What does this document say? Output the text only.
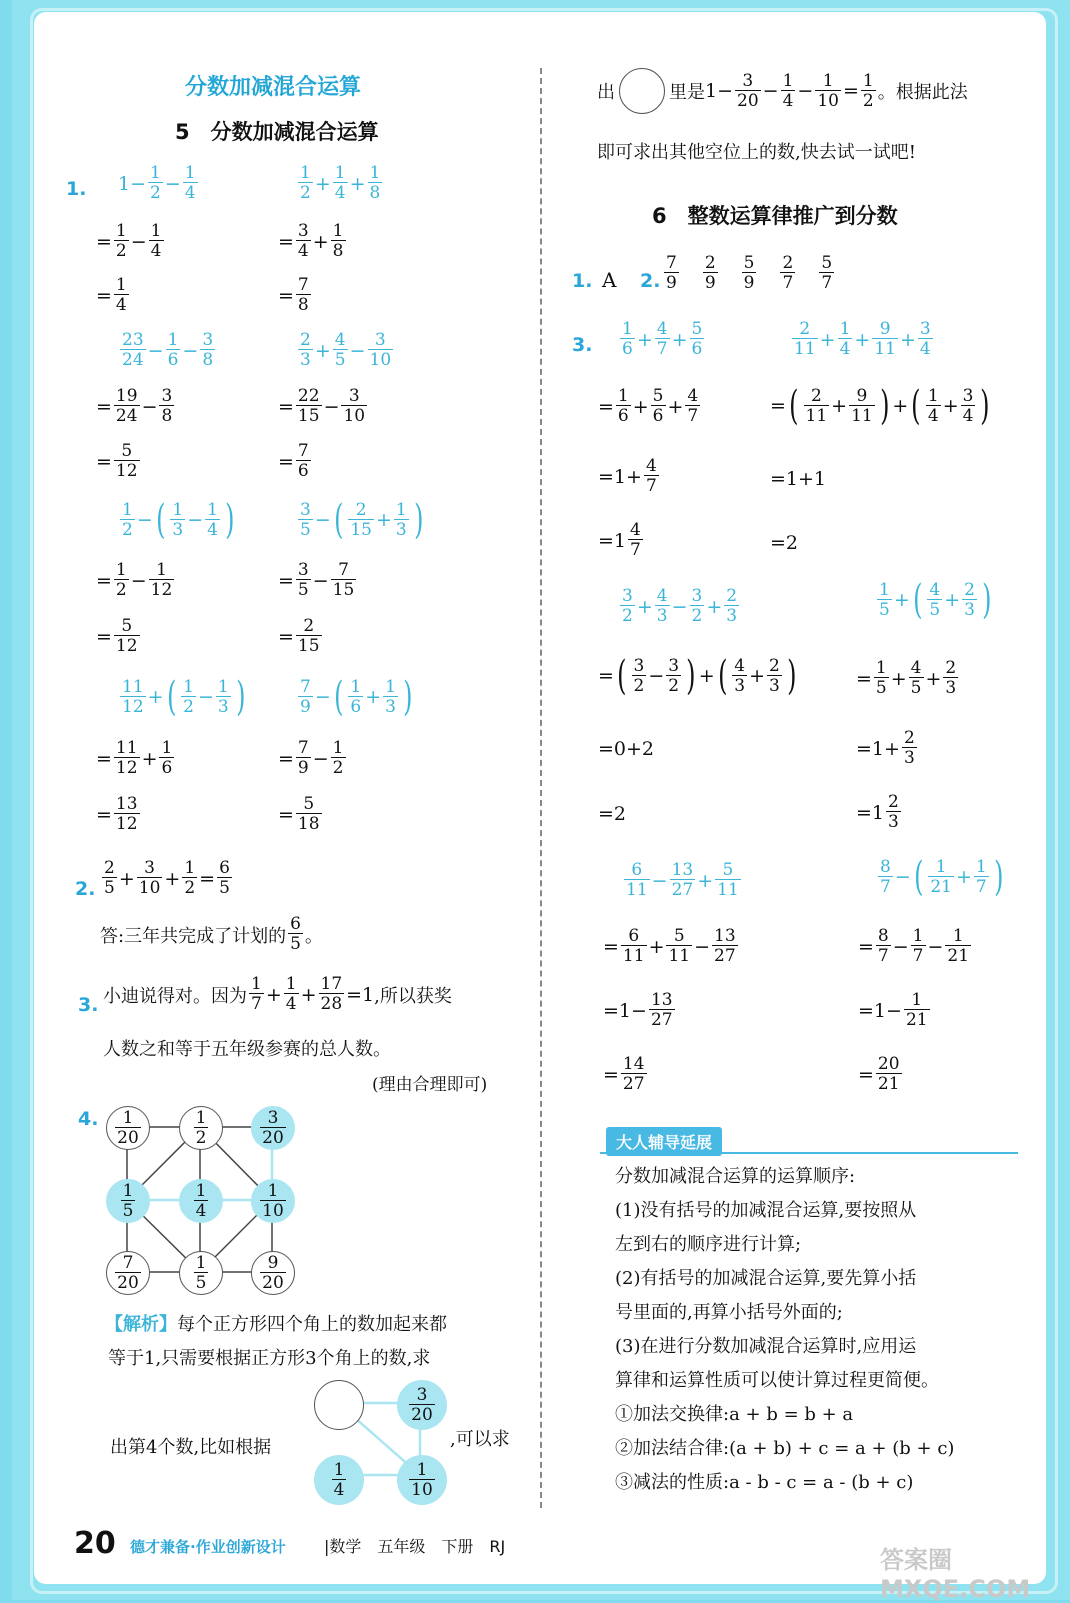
分数加减混合运算
5　分数加减混合运算
1. $1- \frac{1}{2} - \frac{1}{4}$
= $\frac{1}{2} - \frac{1}{4}$
= $\frac{1}{4}$
$\frac{23}{24} - \frac{1}{6} - \frac{3}{8}$
= $\frac{19}{24} - \frac{3}{8}$
= $\frac{5}{12}$
$\frac{1}{2}$ − ( $\frac{1}{3} - \frac{1}{4}$ )
= $\frac{1}{2} - \frac{1}{12}$
= $\frac{5}{12}$
$\frac{11}{12}$ + ( $\frac{1}{2} - \frac{1}{3}$ )
= $\frac{11}{12} + \frac{1}{6}$
= $\frac{13}{12}$
$\frac{1}{2} + \frac{1}{4} + \frac{1}{8}$
= $\frac{3}{4} + \frac{1}{8}$
= $\frac{7}{8}$
$\frac{2}{3} + \frac{4}{5} - \frac{3}{10}$
= $\frac{22}{15} - \frac{3}{10}$
= $\frac{7}{6}$
$\frac{3}{5}$ − ( $\frac{2}{15} + \frac{1}{3}$ )
= $\frac{3}{5} - \frac{7}{15}$
= $\frac{2}{15}$
$\frac{7}{9}$ − ( $\frac{1}{6} + \frac{1}{3}$ )
= $\frac{7}{9} - \frac{1}{2}$
= $\frac{5}{18}$
2. $\frac{2}{5} + \frac{3}{10} + \frac{1}{2} = \frac{6}{5}$
答:三年共完成了计划的 $\frac{6}{5}$ 。
3. 小迪说得对。因为 $\frac{1}{7} + \frac{1}{4} + \frac{17}{28} =1$ ,所以获奖
人数之和等于五年级参赛的总人数。
(理由合理即可)
4. $\frac{1}{20}$	$\frac{1}{2}$	$\frac{3}{20}$
$\frac{1}{5}$	$\frac{1}{4}$	$\frac{1}{10}$
$\frac{7}{20}$	$\frac{1}{5}$	$\frac{9}{20}$
【解析】每个正方形四个角上的数加起来都
等于1,只需要根据正方形3个角上的数,求
$\frac{3}{20}$
$\frac{1}{4}$	$\frac{1}{10}$
出第4个数,比如根据	,可以求
出	里是 $1- \frac{3}{20} - \frac{1}{4} - \frac{1}{10} = \frac{1}{2}$ 。根据此法
即可求出其他空位上的数,快去试一试吧!
6　整数运算律推广到分数
1. A 2. $\frac{7}{9} \frac{2}{9} \frac{5}{9} \frac{2}{7} \frac{5}{7}$
3. $\frac{1}{6} + \frac{4}{7} + \frac{5}{6}$
= $\frac{1}{6} + \frac{5}{6} + \frac{4}{7}$
$=1+ \frac{4}{7}$
$=1 \frac{4}{7}$
$\frac{2}{11} + \frac{1}{4} + \frac{9}{11} + \frac{3}{4}$
= ( $\frac{2}{11} + \frac{9}{11}$ ) + ( $\frac{1}{4} + \frac{3}{4}$ )
=1+1
=2
$\frac{3}{2} + \frac{4}{3} - \frac{3}{2} + \frac{2}{3}$
= ( $\frac{3}{2} - \frac{3}{2}$ ) + ( $\frac{4}{3} + \frac{2}{3}$ )
=0+2
=2
$\frac{1}{5}$ + ( $\frac{4}{5} + \frac{2}{3}$ )
= $\frac{1}{5} + \frac{4}{5} + \frac{2}{3}$
$=1+ \frac{2}{3}$
$=1 \frac{2}{3}$
$\frac{6}{11} - \frac{13}{27} + \frac{5}{11}$
= $\frac{6}{11} + \frac{5}{11} - \frac{13}{27}$
$=1- \frac{13}{27}$
= $\frac{14}{27}$
$\frac{8}{7}$ − ( $\frac{1}{21} + \frac{1}{7}$ )
= $\frac{8}{7} - \frac{1}{7} - \frac{1}{21}$
$=1- \frac{1}{21}$
= $\frac{20}{21}$
大人辅导延展
分数加减混合运算的运算顺序:
(1)没有括号的加减混合运算,要按照从
左到右的顺序进行计算;
(2)有括号的加减混合运算,要先算小括
号里面的,再算小括号外面的;
(3)在进行分数加减混合运算时,应用运
算律和运算性质可以使计算过程更简便。
①加法交换律:a + b = b + a
②加法结合律:(a + b) + c = a + (b + c)
③减法的性质:a - b - c = a - (b + c)
20 德才兼备·作业创新设计 |数学　五年级　下册　RJ	答案圈 MXQE.COM
